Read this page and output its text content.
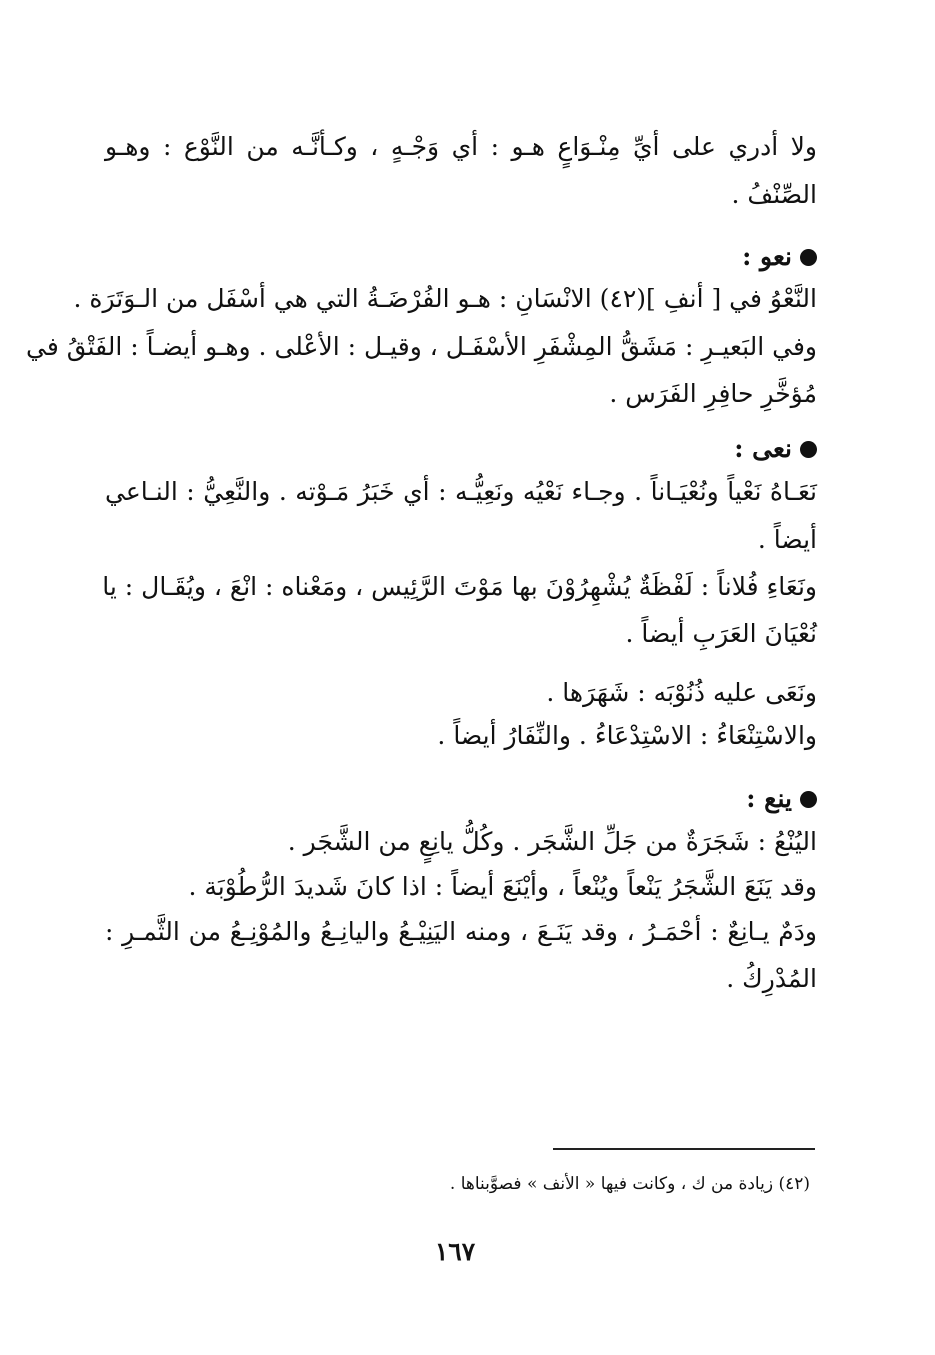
ولا أدري على أيِّ مِنْـوَاعٍ هـو : أي وَجْـهٍ ، وكـأنَّـه من النَّوْع : وهـو
الصِّنْفُ .
نعو :
النَّعْوُ في [ أنفِ ](٤٢) الانْسَانِ : هـو الفُرْضَـةُ التي هي أسْفَل من الـوَتَرَة .
وفي البَعيـرِ : مَشَقُّ المِشْفَرِ الأسْفَـل ، وقيـل : الأعْلى . وهـو أيضـاً : الفَتْقُ في
مُؤخَّرِ حافِرِ الفَرَس .
نعى :
نَعَـاهُ نَعْياً ونُعْيَـاناً . وجـاء نَعْيُه ونَعِيُّـه : أي خَبَرُ مَـوْته . والنَّعِيُّ : النـاعي
أيضاً .
ونَعَاءِ فُلاناً : لَفْظَةٌ يُشْهِرُوْنَ بها مَوْتَ الرَّئِيس ، ومَعْناه : انْعَ ، ويُقَـال : يا
نُعْيَانَ العَرَبِ أيضاً .
ونَعَى عليه ذُنُوْبَه : شَهَرَها .
والاسْتِنْعَاءُ : الاسْتِدْعَاءُ . والنِّفَارُ أيضاً .
ينع :
اليُنْعُ : شَجَرَةٌ من جَلِّ الشَّجَر . وكُلُّ يانِعٍ من الشَّجَر .
وقد يَنَعَ الشَّجَرُ يَنْعاً ويُنْعاً ، وأيْنَعَ أيضاً : اذا كانَ شَديدَ الرُّطُوْبَة .
ودَمٌ يـانِعٌ : أحْمَـرُ ، وقد يَنَـعَ ، ومنه اليَنِيْـعُ واليانِـعُ والمُوْنِـعُ من الثَّمـرِ :
المُدْرِكُ .
(٤٢) زيادة من ك ، وكانت فيها « الأنف » فصوَّبناها .
١٦٧
